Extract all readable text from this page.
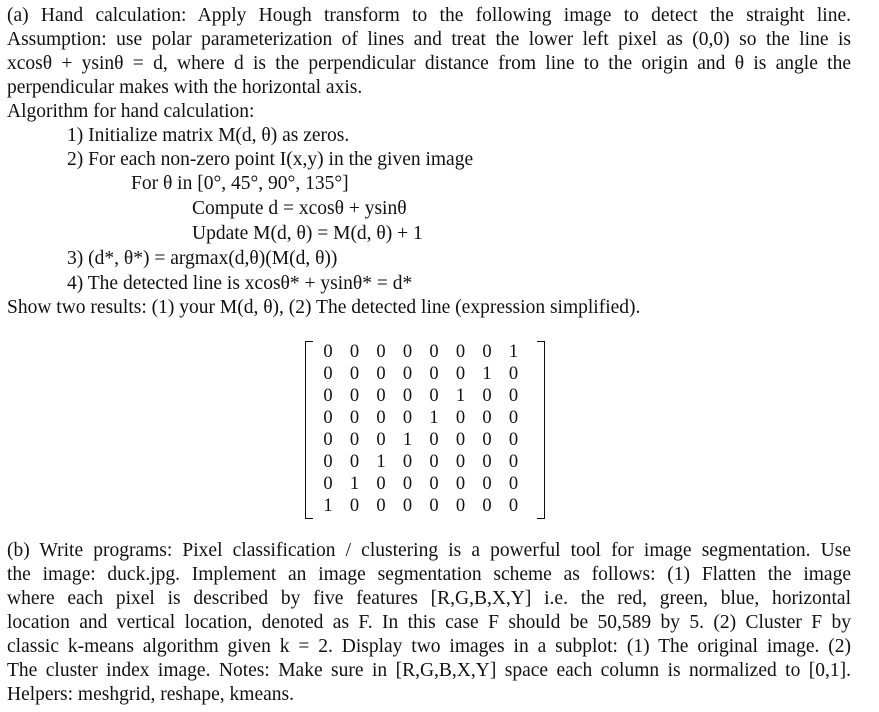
(a) Hand calculation: Apply Hough transform to the following image to detect the straight line.
Assumption: use polar parameterization of lines and treat the lower left pixel as (0,0) so the line is
xcosθ + ysinθ = d, where d is the perpendicular distance from line to the origin and θ is angle the
perpendicular makes with the horizontal axis.
Algorithm for hand calculation:
1) Initialize matrix M(d, θ) as zeros.
2) For each non-zero point I(x,y) in the given image
For θ in [0°, 45°, 90°, 135°]
Compute d = xcosθ + ysinθ
Update M(d, θ) = M(d, θ) + 1
3) (d*, θ*) = argmax(d,θ)(M(d, θ))
4) The detected line is xcosθ* + ysinθ* = d*
Show two results: (1) your M(d, θ), (2) The detected line (expression simplified).
0 0 0 0 0 0 0 1
0 0 0 0 0 0 1 0
0 0 0 0 0 1 0 0
0 0 0 0 1 0 0 0
0 0 0 1 0 0 0 0
0 0 1 0 0 0 0 0
0 1 0 0 0 0 0 0
1 0 0 0 0 0 0 0
(b) Write programs: Pixel classification / clustering is a powerful tool for image segmentation. Use
the image: duck.jpg. Implement an image segmentation scheme as follows: (1) Flatten the image
where each pixel is described by five features [R,G,B,X,Y] i.e. the red, green, blue, horizontal
location and vertical location, denoted as F. In this case F should be 50,589 by 5. (2) Cluster F by
classic k-means algorithm given k = 2. Display two images in a subplot: (1) The original image. (2)
The cluster index image. Notes: Make sure in [R,G,B,X,Y] space each column is normalized to [0,1].
Helpers: meshgrid, reshape, kmeans.
